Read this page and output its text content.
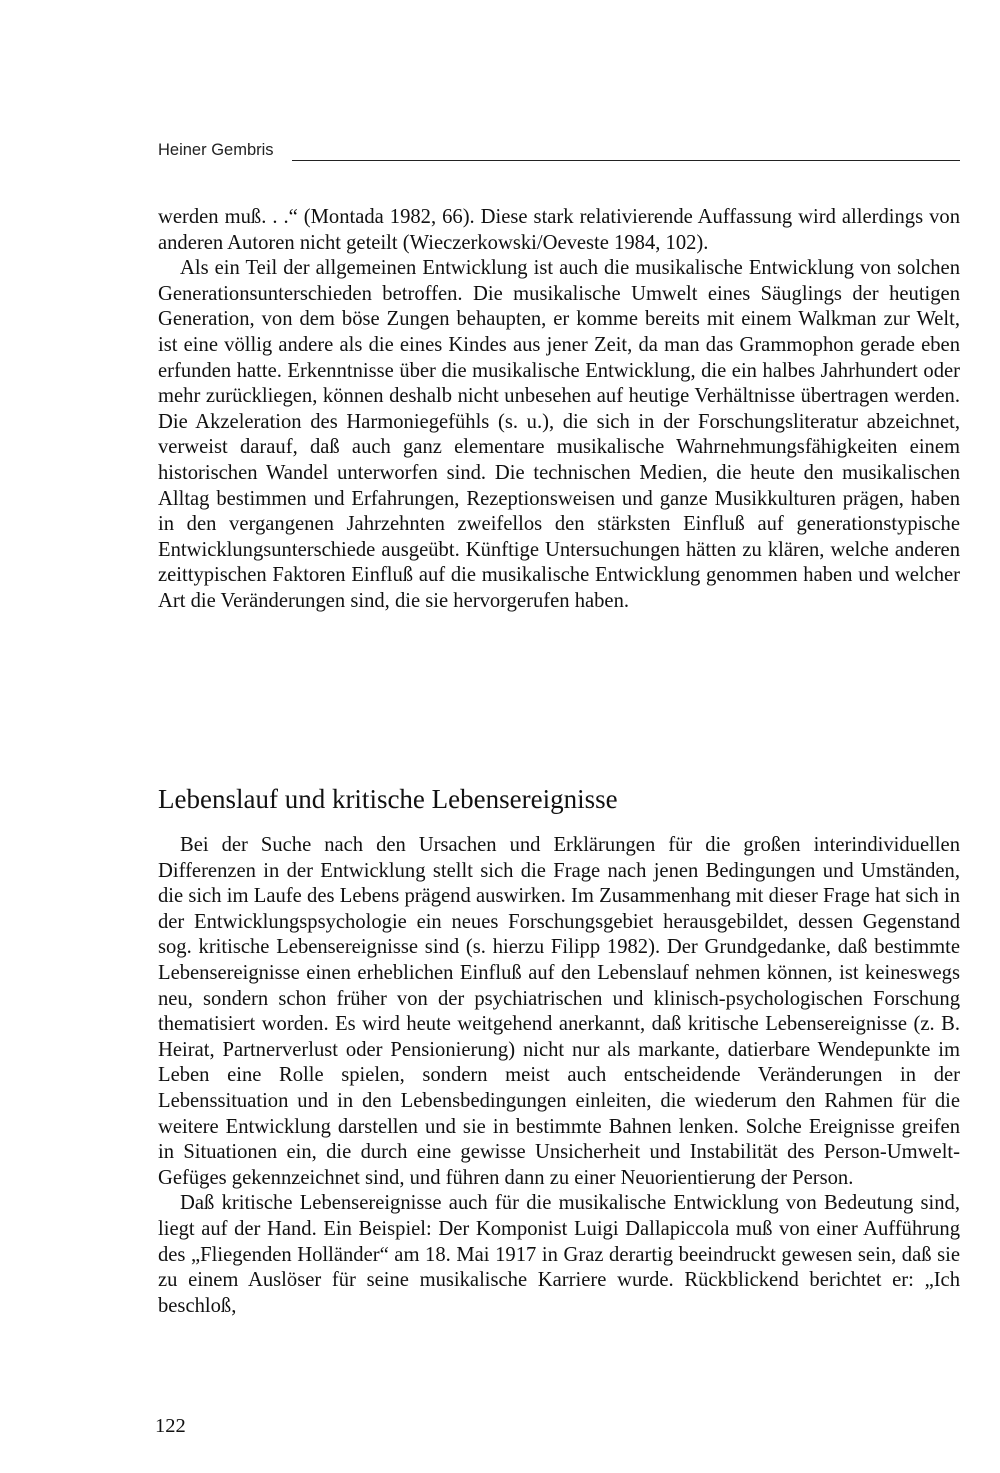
Heiner Gembris

werden muß. . .“ (Montada 1982, 66). Diese stark relativierende Auffassung wird allerdings von anderen Autoren nicht geteilt (Wieczerkowski/Oeveste 1984, 102).

Als ein Teil der allgemeinen Entwicklung ist auch die musikalische Entwicklung von solchen Generationsunterschieden betroffen. Die musikalische Umwelt eines Säuglings der heutigen Generation, von dem böse Zungen behaupten, er komme bereits mit einem Walkman zur Welt, ist eine völlig andere als die eines Kindes aus jener Zeit, da man das Grammophon gerade eben erfunden hatte. Erkenntnisse über die musikalische Entwicklung, die ein halbes Jahrhundert oder mehr zurückliegen, können deshalb nicht unbesehen auf heutige Verhältnisse übertragen werden. Die Akzeleration des Harmoniegefühls (s. u.), die sich in der Forschungsliteratur abzeichnet, verweist darauf, daß auch ganz elementare musikalische Wahrnehmungsfähigkeiten einem historischen Wandel unterworfen sind. Die technischen Medien, die heute den musikalischen Alltag bestimmen und Erfahrungen, Rezeptionsweisen und ganze Musikkulturen prägen, haben in den vergangenen Jahrzehnten zweifellos den stärksten Einfluß auf generationstypische Entwicklungsunterschiede ausgeübt. Künftige Untersuchungen hätten zu klären, welche anderen zeittypischen Faktoren Einfluß auf die musikalische Entwicklung genommen haben und welcher Art die Veränderungen sind, die sie hervorgerufen haben.

Lebenslauf und kritische Lebensereignisse

Bei der Suche nach den Ursachen und Erklärungen für die großen interindividuellen Differenzen in der Entwicklung stellt sich die Frage nach jenen Bedingungen und Umständen, die sich im Laufe des Lebens prägend auswirken. Im Zusammenhang mit dieser Frage hat sich in der Entwicklungspsychologie ein neues Forschungsgebiet herausgebildet, dessen Gegenstand sog. kritische Lebensereignisse sind (s. hierzu Filipp 1982). Der Grundgedanke, daß bestimmte Lebensereignisse einen erheblichen Einfluß auf den Lebenslauf nehmen können, ist keineswegs neu, sondern schon früher von der psychiatrischen und klinisch-psychologischen Forschung thematisiert worden. Es wird heute weitgehend anerkannt, daß kritische Lebensereignisse (z. B. Heirat, Partnerverlust oder Pensionierung) nicht nur als markante, datierbare Wendepunkte im Leben eine Rolle spielen, sondern meist auch entscheidende Veränderungen in der Lebenssituation und in den Lebensbedingungen einleiten, die wiederum den Rahmen für die weitere Entwicklung darstellen und sie in bestimmte Bahnen lenken. Solche Ereignisse greifen in Situationen ein, die durch eine gewisse Unsicherheit und Instabilität des Person-Umwelt-Gefüges gekennzeichnet sind, und führen dann zu einer Neuorientierung der Person.

Daß kritische Lebensereignisse auch für die musikalische Entwicklung von Bedeutung sind, liegt auf der Hand. Ein Beispiel: Der Komponist Luigi Dallapiccola muß von einer Aufführung des „Fliegenden Holländer“ am 18. Mai 1917 in Graz derartig beeindruckt gewesen sein, daß sie zu einem Auslöser für seine musikalische Karriere wurde. Rückblickend berichtet er: „Ich beschloß,

122
